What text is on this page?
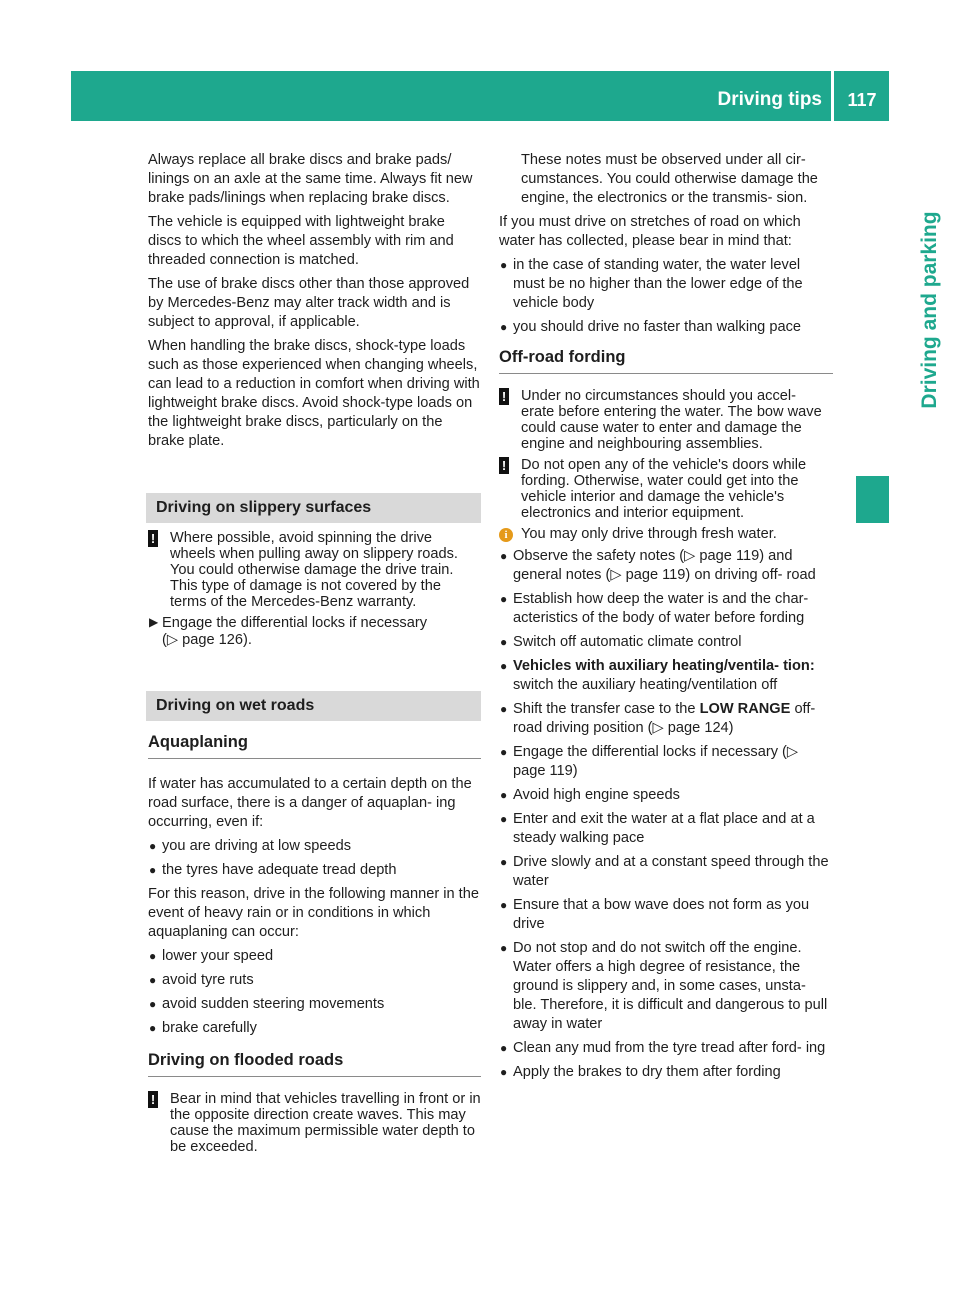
Driving tips	117
Driving and parking

Always replace all brake discs and brake pads/ linings on an axle at the same time. Always fit new brake pads/linings when replacing brake discs.

The vehicle is equipped with lightweight brake discs to which the wheel assembly with rim and threaded connection is matched.

The use of brake discs other than those approved by Mercedes-Benz may alter track width and is subject to approval, if applicable.

When handling the brake discs, shock-type loads such as those experienced when changing wheels, can lead to a reduction in comfort when driving with lightweight brake discs. Avoid shock-type loads on the lightweight brake discs, particularly on the brake plate.

Driving on slippery surfaces
! Where possible, avoid spinning the drive wheels when pulling away on slippery roads. You could otherwise damage the drive train. This type of damage is not covered by the terms of the Mercedes-Benz warranty.
▶ Engage the differential locks if necessary
(▷ page 126).
Driving on wet roads
Aquaplaning

If water has accumulated to a certain depth on the road surface, there is a danger of aquaplan- ing occurring, even if:

● you are driving at low speeds
● the tyres have adequate tread depth

For this reason, drive in the following manner in the event of heavy rain or in conditions in which aquaplaning can occur:

● lower your speed
● avoid tyre ruts
● avoid sudden steering movements
● brake carefully
Driving on flooded roads
! Bear in mind that vehicles travelling in front or in the opposite direction create waves. This may cause the maximum permissible water depth to be exceeded.

These notes must be observed under all cir- cumstances. You could otherwise damage the engine, the electronics or the transmis- sion.

If you must drive on stretches of road on which water has collected, please bear in mind that:

● in the case of standing water, the water level must be no higher than the lower edge of the vehicle body
● you should drive no faster than walking pace
Off-road fording
! Under no circumstances should you accel- erate before entering the water. The bow wave could cause water to enter and damage the engine and neighbouring assemblies.
! Do not open any of the vehicle's doors while fording. Otherwise, water could get into the vehicle interior and damage the vehicle's electronics and interior equipment.
i You may only drive through fresh water.
● Observe the safety notes (▷ page 119) and general notes (▷ page 119) on driving off- road
● Establish how deep the water is and the char- acteristics of the body of water before fording
● Switch off automatic climate control
● Vehicles with auxiliary heating/ventila- tion: switch the auxiliary heating/ventilation off
● Shift the transfer case to the LOW RANGE off-road driving position (▷ page 124)
● Engage the differential locks if necessary (▷ page 119)
● Avoid high engine speeds
● Enter and exit the water at a flat place and at a steady walking pace
● Drive slowly and at a constant speed through the water
● Ensure that a bow wave does not form as you drive
● Do not stop and do not switch off the engine. Water offers a high degree of resistance, the ground is slippery and, in some cases, unsta- ble. Therefore, it is difficult and dangerous to pull away in water
● Clean any mud from the tyre tread after ford- ing
● Apply the brakes to dry them after fording
